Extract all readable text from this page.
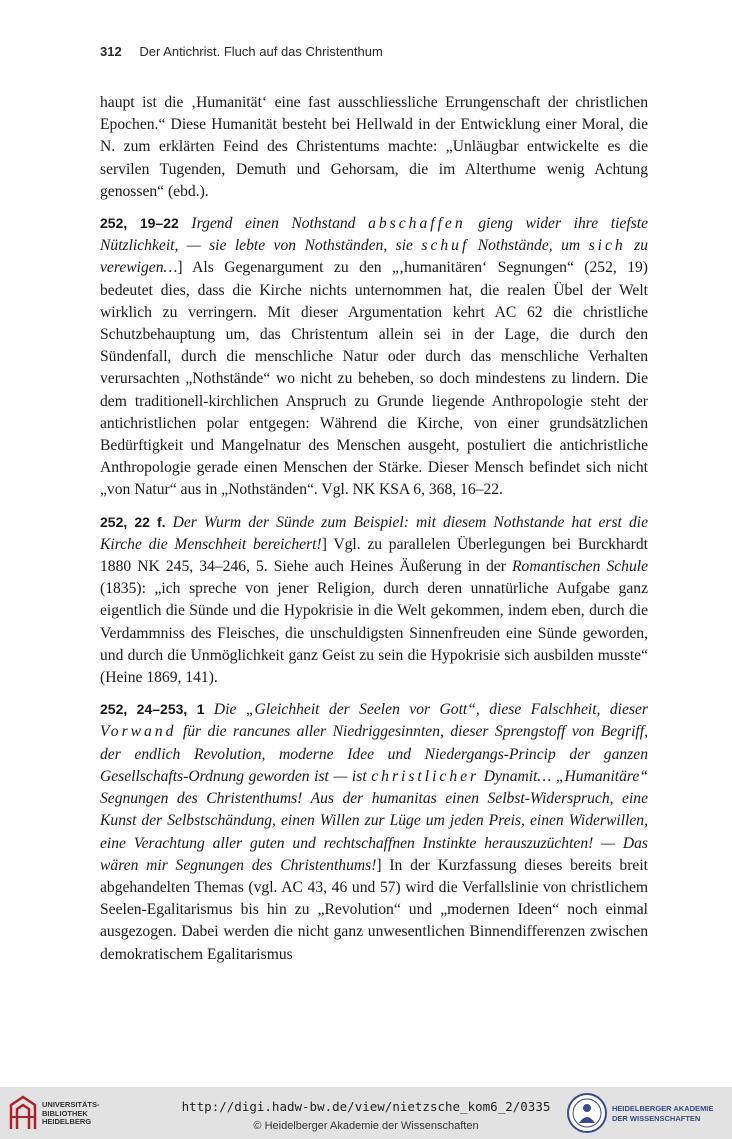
312 Der Antichrist. Fluch auf das Christenthum

haupt ist die ‚Humanität‘ eine fast ausschliessliche Errungenschaft der christlichen Epochen.“ Diese Humanität besteht bei Hellwald in der Entwicklung einer Moral, die N. zum erklärten Feind des Christentums machte: „Unläugbar entwickelte es die servilen Tugenden, Demuth und Gehorsam, die im Alterthume wenig Achtung genossen“ (ebd.).

252, 19–22 Irgend einen Nothstand abschaffen gieng wider ihre tiefste Nützlichkeit, — sie lebte von Nothständen, sie schuf Nothstände, um sich zu verewigen…] Als Gegenargument zu den „‚humanitären‘ Segnungen“ (252, 19) bedeutet dies, dass die Kirche nichts unternommen hat, die realen Übel der Welt wirklich zu verringern. Mit dieser Argumentation kehrt AC 62 die christliche Schutzbehauptung um, das Christentum allein sei in der Lage, die durch den Sündenfall, durch die menschliche Natur oder durch das menschliche Verhalten verursachten „Nothstände“ wo nicht zu beheben, so doch mindestens zu lindern. Die dem traditionell-kirchlichen Anspruch zu Grunde liegende Anthropologie steht der antichristlichen polar entgegen: Während die Kirche, von einer grundsätzlichen Bedürftigkeit und Mangelnatur des Menschen ausgeht, postuliert die antichristliche Anthropologie gerade einen Menschen der Stärke. Dieser Mensch befindet sich nicht „von Natur“ aus in „Nothständen“. Vgl. NK KSA 6, 368, 16–22.

252, 22 f. Der Wurm der Sünde zum Beispiel: mit diesem Nothstande hat erst die Kirche die Menschheit bereichert!] Vgl. zu parallelen Überlegungen bei Burckhardt 1880 NK 245, 34–246, 5. Siehe auch Heines Äußerung in der Romantischen Schule (1835): „ich spreche von jener Religion, durch deren unnatürliche Aufgabe ganz eigentlich die Sünde und die Hypokrisie in die Welt gekommen, indem eben, durch die Verdammniss des Fleisches, die unschuldigsten Sinnenfreuden eine Sünde geworden, und durch die Unmöglichkeit ganz Geist zu sein die Hypokrisie sich ausbilden musste“ (Heine 1869, 141).

252, 24–253, 1 Die „Gleichheit der Seelen vor Gott“, diese Falschheit, dieser Vorwand für die rancunes aller Niedriggesinnten, dieser Sprengstoff von Begriff, der endlich Revolution, moderne Idee und Niedergangs-Princip der ganzen Gesellschafts-Ordnung geworden ist — ist christlicher Dynamit… „Humanitäre“ Segnungen des Christenthums! Aus der humanitas einen Selbst-Widerspruch, eine Kunst der Selbstschändung, einen Willen zur Lüge um jeden Preis, einen Widerwillen, eine Verachtung aller guten und rechtschaffnen Instinkte herauszuzüchten! — Das wären mir Segnungen des Christenthums!] In der Kurzfassung dieses bereits breit abgehandelten Themas (vgl. AC 43, 46 und 57) wird die Verfallslinie von christlichem Seelen-Egalitarismus bis hin zu „Revolution“ und „modernen Ideen“ noch einmal ausgezogen. Dabei werden die nicht ganz unwesentlichen Binnendifferenzen zwischen demokratischem Egalitarismus

UNIVERSITÄTS-
BIBLIOTHEK
HEIDELBERG
http://digi.hadw-bw.de/view/nietzsche_kom6_2/0335
© Heidelberger Akademie der Wissenschaften
HEIDELBERGER AKADEMIE
DER WISSENSCHAFTEN
